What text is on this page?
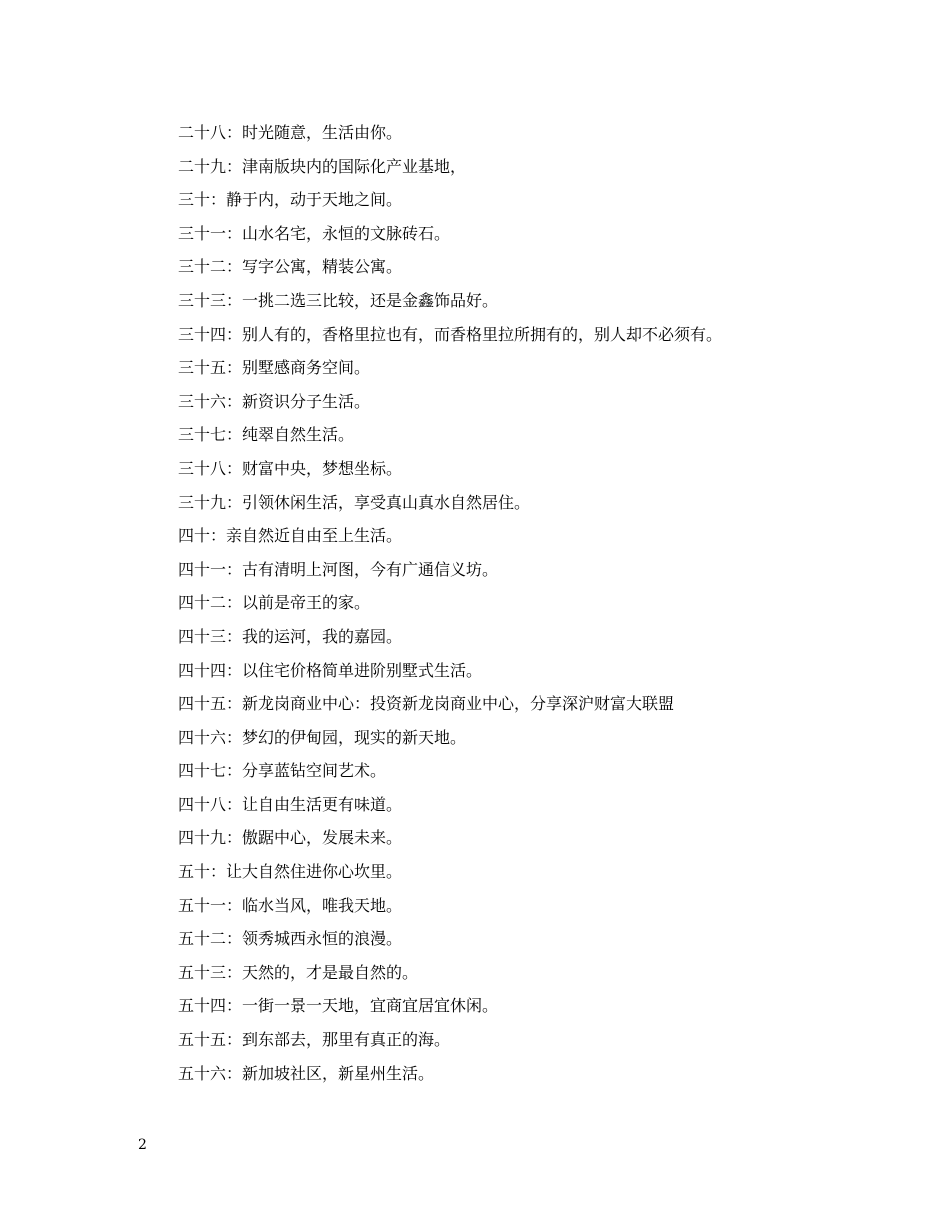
二十八：时光随意，生活由你。
二十九：津南版块内的国际化产业基地，
三十：静于内，动于天地之间。
三十一：山水名宅，永恒的文脉砖石。
三十二：写字公寓，精装公寓。
三十三：一挑二选三比较，还是金鑫饰品好。
三十四：别人有的，香格里拉也有，而香格里拉所拥有的，别人却不必须有。
三十五：别墅感商务空间。
三十六：新资识分子生活。
三十七：纯翠自然生活。
三十八：财富中央，梦想坐标。
三十九：引领休闲生活，享受真山真水自然居住。
四十：亲自然近自由至上生活。
四十一：古有清明上河图，今有广通信义坊。
四十二：以前是帝王的家。
四十三：我的运河，我的嘉园。
四十四：以住宅价格简单进阶别墅式生活。
四十五：新龙岗商业中心：投资新龙岗商业中心，分享深沪财富大联盟
四十六：梦幻的伊甸园，现实的新天地。
四十七：分享蓝钻空间艺术。
四十八：让自由生活更有味道。
四十九：傲踞中心，发展未来。
五十：让大自然住进你心坎里。
五十一：临水当风，唯我天地。
五十二：领秀城西永恒的浪漫。
五十三：天然的，才是最自然的。
五十四：一街一景一天地，宜商宜居宜休闲。
五十五：到东部去，那里有真正的海。
五十六：新加坡社区，新星州生活。
2
